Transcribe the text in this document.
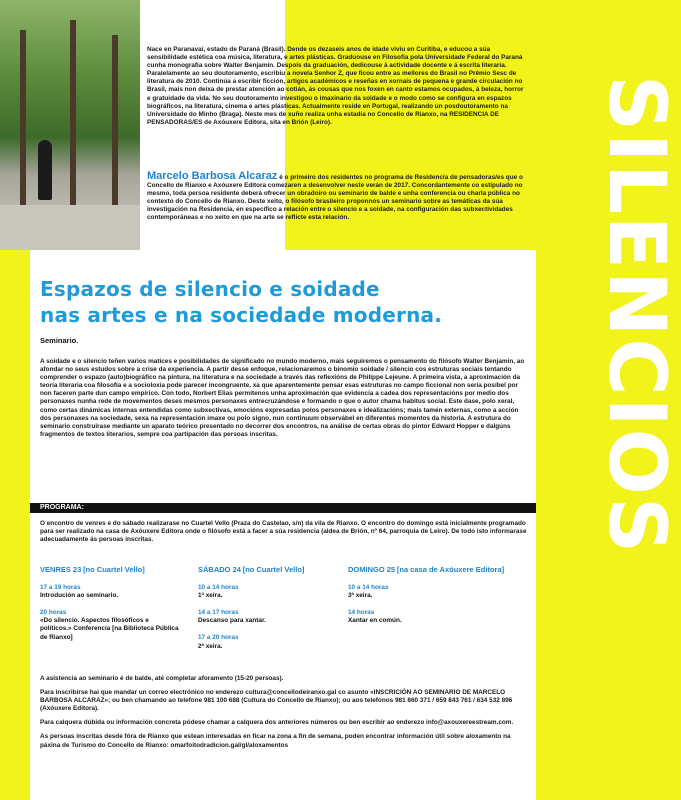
SILENCIOS

Nace en Paranavaí, estado de Paraná (Brasil). Dende os dezaseis anos de idade viviu en Curitiba, e educou a súa sensibilidade estética coa música, literatura, e artes plásticas. Graduouse en Filosofía pola Universidade Federal do Paraná cunha monografía sobre Walter Benjamin. Despois da graduación, dedicouse á actividade docente e á escrita literaria. Paralelamente ao seu doutoramento, escribiu a novela Senhor Z, que ficou entre as mellores do Brasil no Prêmio Sesc de literatura de 2010. Continúa a escribir ficción, artigos académicos e reseñas en xornais de pequena e grande circulación no Brasil, mais non deixa de prestar atención ao cotián, ás cousas que nos foxen en canto estamos ocupados, á beleza, horror e gratuidade da vida. No seu doutoramento investigou o imaxinario da soidade e o modo como se configura en espazos biográficos, na literatura, cinema e artes plásticas. Actualmente reside en Portugal, realizando un posdoutoramento na Universidade do Minho (Braga). Neste mes de xuño realiza unha estadía no Concello de Rianxo, na RESIDENCIA DE PENSADORAS/ES de Axóuxere Editora, sita en Brión (Leiro).

Marcelo Barbosa Alcaraz é o primeiro dos residentes no programa de Residencia de pensadoras/es que o Concello de Rianxo e Axóuxere Editora comezaren a desenvolver neste verán de 2017. Concordantemente co estipulado no mesmo, toda persoa residente deberá ofrecer un obradoiro ou seminario de balde e unha conferencia ou charla pública no contexto do Concello de Rianxo. Deste xeito, o filósofo brasileiro proponnos un seminario sobre as temáticas da súa investigación na Residencia, en específico a relación entre o silencio e a soidade, na configuración das subxectividades contemporáneas e no xeito en que na arte se reflicte esta relación.
Espazos de silencio e soidade
nas artes e na sociedade moderna.
Seminario.

A soidade e o silencio teñen varios matices e posibilidades de significado no mundo moderno, mais seguiremos o pensamento do filósofo Walter Benjamin, ao afondar no seus estudos sobre a crise da experiencia. A partir desse enfoque, relacionaremos o binomio soidade / silencio cos estruturas sociais tentando comprender o espazo (auto)biográfico na pintura, na literatura e na sociedade a través das reflexións de Philippe Lejeune. A primeira vista, a aproximación da teoría literaria coa filosofía e a socioloxía pode parecer incongruente, xa que aparentemente pensar esas estruturas no campo ficcional non sería posíbel por non faceren parte dun campo empírico. Con todo, Norbert Elias permitenos unha aproximación que evidencia a cadea dos representacións por medio dos personaxes nunha rede de movementos deses mesmos personaxes entrecruzándose e formando o que o autor chama habitus social. Este dase, polo xeral, como certas dinámicas internas entendidas como subxectivas, emocións expresadas polos personaxes e idealizacións; mais tamén externas, como a acción dos personaxes na sociedade, sexa na representación imaxe ou polo signo, nun continuum observábel en diferentes momentos da historia. A estrutura do seminario construirase mediante un aparato teórico presentado no decorrer dos encontros, na análise de certas obras do pintor Edward Hopper e dalgúns fragmentos de textos literarios, sempre coa partipación das persoas inscritas.

PROGRAMA:

O encontro de venres e do sábado realizarase no Cuartel Vello (Praza do Castelao, s/n) da vila de Rianxo. O encontro do domingo está inicialmente programado para ser realizado na casa de Axóuxere Editora onde o filósofo está a facer a súa residencia (aldea de Brión, nº 64, parroquia de Leiro). De todo isto informarase adecuadamente ás persoas inscritas.

VENRES 23 [no Cuartel Vello]

17 a 19 horas
Introdución ao seminario.

20 horas
«Do silencio. Aspectos filosóficos e políticos.» Conferencia [na Biblioteca Pública de Rianxo]

SÁBADO 24 [no Cuartel Vello]

10 a 14 horas
1ª xeira.

14 a 17 horas
Descanso para xantar.

17 a 20 horas
2ª xeira.

DOMINGO 25 [na casa de Axóuxere Editora]

10 a 14 horas
3ª xeira.

14 horas
Xantar en común.

A asistencia ao seminario é de balde, até completar aforamento (15-20 persoas).

Para inscribirse hai que mandar un correo electrónico no enderezo cultura@concellodeiranxo.gal co asunto «INSCRICIÓN AO SEMINARIO DE MARCELO BARBOSA ALCARAZ»; ou ben chamando ao telefone 981 100 688 (Cultura do Concello de Rianxo); ou aos telefonos 981 860 371 / 659 843 761 / 634 532 896 (Axóuxere Editora).

Para calquera dúbida ou información concreta pódese chamar a calquera dos anteriores números ou ben escribir ao enderezo info@axouxereestream.com.

As persoas inscritas desde fóra de Rianxo que estean interesadas en ficar na zona a fin de semana, poden encontrar información útil sobre aloxamento na páxina de Turismo do Concello de Rianxo: omarfoitodradicion.gal/gl/aloxamentos
